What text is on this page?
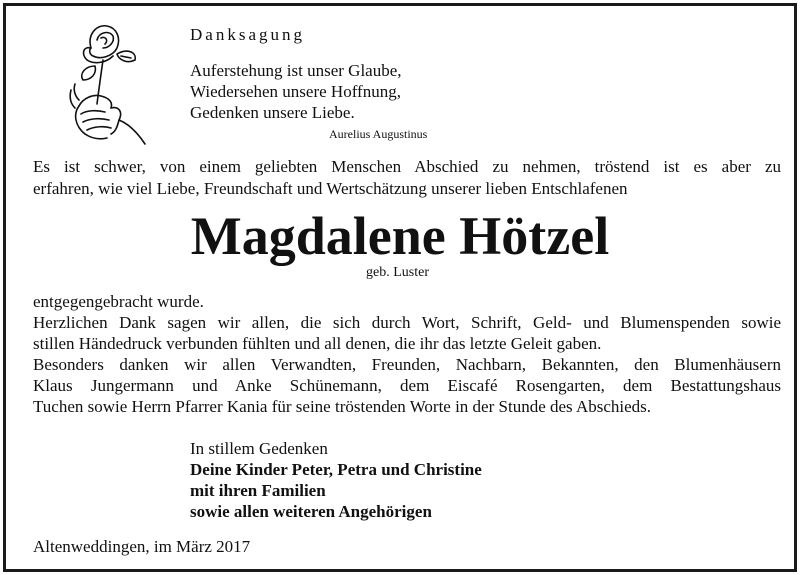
Danksagung
Auferstehung ist unser Glaube,
Wiedersehen unsere Hoffnung,
Gedenken unsere Liebe.
Aurelius Augustinus
Es ist schwer, von einem geliebten Menschen Abschied zu nehmen, tröstend ist es aber zu
erfahren, wie viel Liebe, Freundschaft und Wertschätzung unserer lieben Entschlafenen
Magdalene Hötzel
geb. Luster
entgegengebracht wurde.
Herzlichen Dank sagen wir allen, die sich durch Wort, Schrift, Geld- und Blumenspenden sowie
stillen Händedruck verbunden fühlten und all denen, die ihr das letzte Geleit gaben.
Besonders danken wir allen Verwandten, Freunden, Nachbarn, Bekannten, den Blumenhäusern
Klaus Jungermann und Anke Schünemann, dem Eiscafé Rosengarten, dem Bestattungshaus
Tuchen sowie Herrn Pfarrer Kania für seine tröstenden Worte in der Stunde des Abschieds.
In stillem Gedenken
Deine Kinder Peter, Petra und Christine
mit ihren Familien
sowie allen weiteren Angehörigen
Altenweddingen, im März 2017
